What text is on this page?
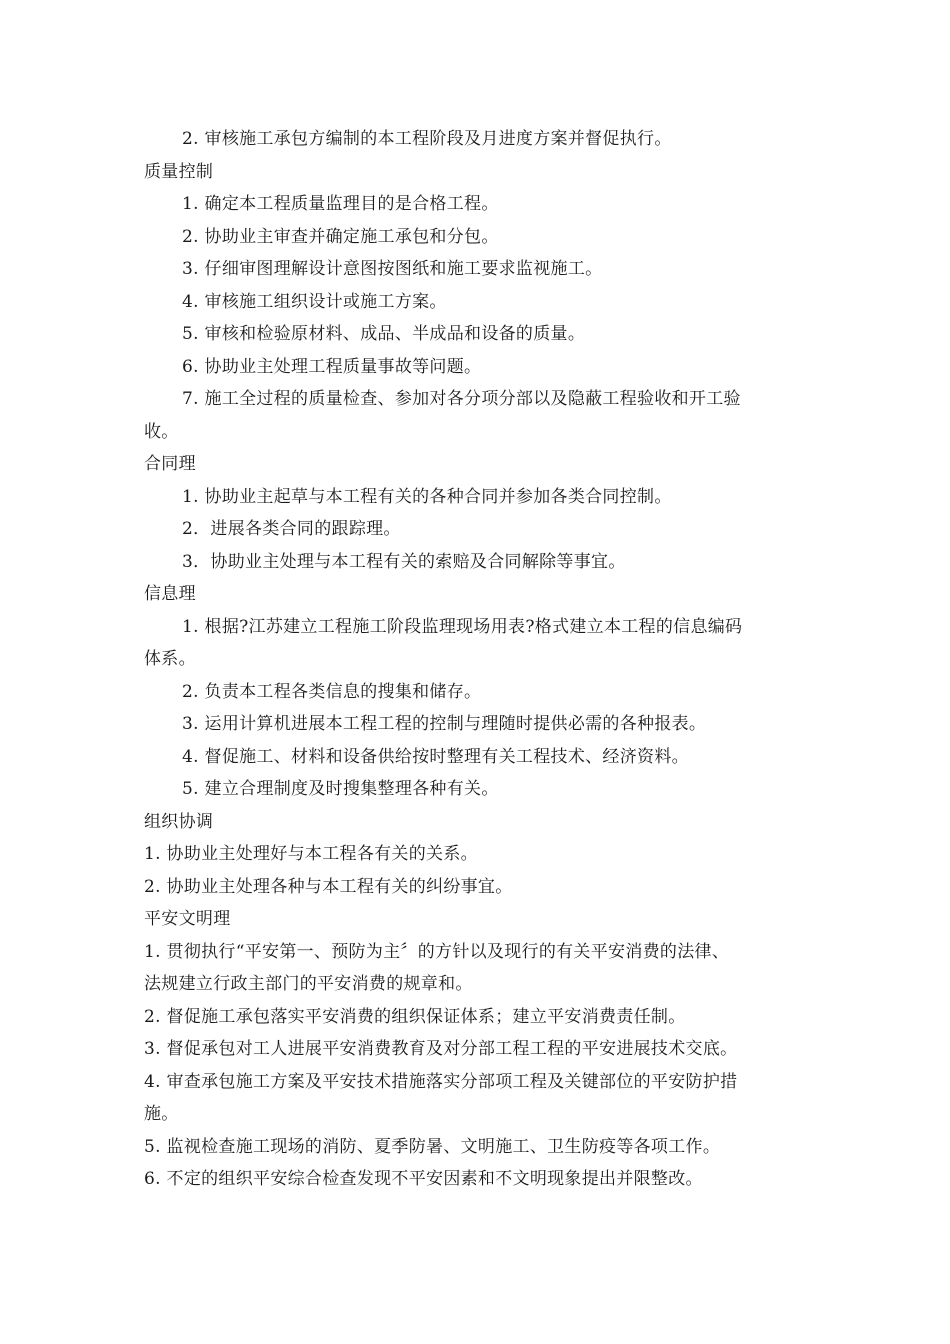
2. 审核施工承包方编制的本工程阶段及月进度方案并督促执行。
质量控制
1. 确定本工程质量监理目的是合格工程。
2. 协助业主审查并确定施工承包和分包。
3. 仔细审图理解设计意图按图纸和施工要求监视施工。
4. 审核施工组织设计或施工方案。
5. 审核和检验原材料、成品、半成品和设备的质量。
6. 协助业主处理工程质量事故等问题。
7. 施工全过程的质量检查、参加对各分项分部以及隐蔽工程验收和开工验
收。
合同理
1. 协助业主起草与本工程有关的各种合同并参加各类合同控制。
2．进展各类合同的跟踪理。
3．协助业主处理与本工程有关的索赔及合同解除等事宜。
信息理
1. 根据?江苏建立工程施工阶段监理现场用表?格式建立本工程的信息编码
体系。
2. 负责本工程各类信息的搜集和储存。
3. 运用计算机进展本工程工程的控制与理随时提供必需的各种报表。
4. 督促施工、材料和设备供给按时整理有关工程技术、经济资料。
5. 建立合理制度及时搜集整理各种有关。
组织协调
1. 协助业主处理好与本工程各有关的关系。
2. 协助业主处理各种与本工程有关的纠纷事宜。
平安文明理
1. 贯彻执行“平安第一、预防为主〞的方针以及现行的有关平安消费的法律、
法规建立行政主部门的平安消费的规章和。
2. 督促施工承包落实平安消费的组织保证体系；建立平安消费责任制。
3. 督促承包对工人进展平安消费教育及对分部工程工程的平安进展技术交底。
4. 审查承包施工方案及平安技术措施落实分部项工程及关键部位的平安防护措
施。
5. 监视检查施工现场的消防、夏季防暑、文明施工、卫生防疫等各项工作。
6. 不定的组织平安综合检查发现不平安因素和不文明现象提出并限整改。
